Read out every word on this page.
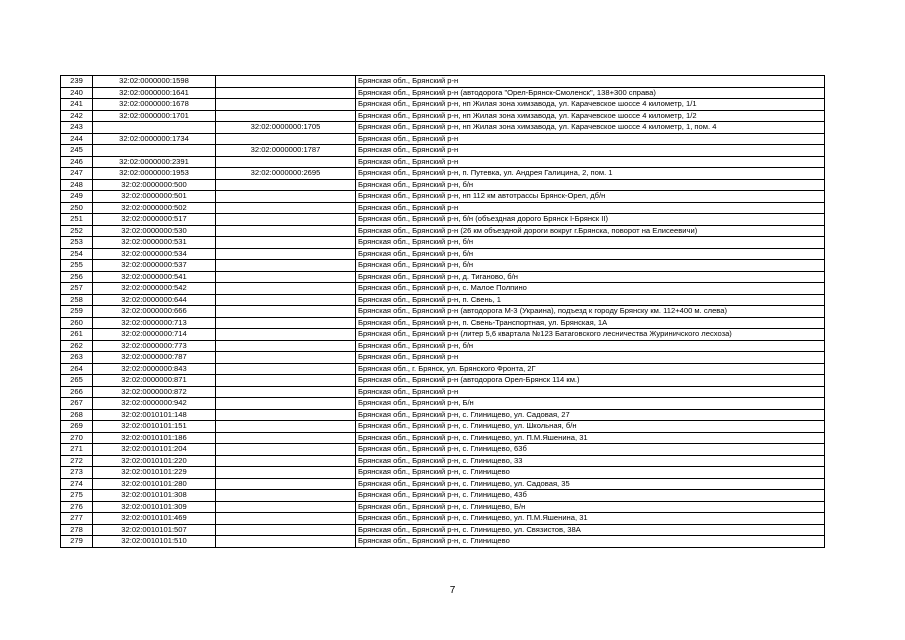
239	32:02:0000000:1598		Брянская обл., Брянский р-н
240	32:02:0000000:1641		Брянская обл., Брянский р-н (автодорога "Орел-Брянск-Смоленск", 138+300 справа)
241	32:02:0000000:1678		Брянская обл., Брянский р-н, нп Жилая зона химзавода, ул. Карачевское шоссе 4 километр, 1/1
242	32:02:0000000:1701		Брянская обл., Брянский р-н, нп Жилая зона химзавода, ул. Карачевское шоссе 4 километр, 1/2
243		32:02:0000000:1705	Брянская обл., Брянский р-н, нп Жилая зона химзавода, ул. Карачевское шоссе 4 километр, 1, пом. 4
244	32:02:0000000:1734		Брянская обл., Брянский р-н
245		32:02:0000000:1787	Брянская обл., Брянский р-н
246	32:02:0000000:2391		Брянская обл., Брянский р-н
247	32:02:0000000:1953	32:02:0000000:2695	Брянская обл., Брянский р-н, п. Путевка, ул. Андрея Галицина, 2, пом. 1
248	32:02:0000000:500		Брянская обл., Брянский р-н, б/н
249	32:02:0000000:501		Брянская обл., Брянский р-н, нп 112 км автотрассы Брянск-Орел, дб/н
250	32:02:0000000:502		Брянская обл., Брянский р-н
251	32:02:0000000:517		Брянская обл., Брянский р-н, б/н (объездная дорого Брянск I-Брянск II)
252	32:02:0000000:530		Брянская обл., Брянский р-н (26 км объездной дороги вокруг г.Брянска, поворот на Елисеевичи)
253	32:02:0000000:531		Брянская обл., Брянский р-н, б/н
254	32:02:0000000:534		Брянская обл., Брянский р-н, б/н
255	32:02:0000000:537		Брянская обл., Брянский р-н, б/н
256	32:02:0000000:541		Брянская обл., Брянский р-н, д. Тиганово, б/н
257	32:02:0000000:542		Брянская обл., Брянский р-н, с. Малое Полпино
258	32:02:0000000:644		Брянская обл., Брянский р-н, п. Свень, 1
259	32:02:0000000:666		Брянская обл., Брянский р-н (автодорога М-3 (Украина), подъезд к городу Брянску км. 112+400 м. слева)
260	32:02:0000000:713		Брянская обл., Брянский р-н, п. Свень-Транспортная, ул. Брянская, 1А
261	32:02:0000000:714		Брянская обл., Брянский р-н (литер 5,6 квартала №123 Батаговского лесничества Журиничского лесхоза)
262	32:02:0000000:773		Брянская обл., Брянский р-н, б/н
263	32:02:0000000:787		Брянская обл., Брянский р-н
264	32:02:0000000:843		Брянская обл., г. Брянск, ул. Брянского Фронта, 2Г
265	32:02:0000000:871		Брянская обл., Брянский р-н (автодорога Орел-Брянск 114 км.)
266	32:02:0000000:872		Брянская обл., Брянский р-н
267	32:02:0000000:942		Брянская обл., Брянский р-н, Б/н
268	32:02:0010101:148		Брянская обл., Брянский р-н, с. Глинищево, ул. Садовая, 27
269	32:02:0010101:151		Брянская обл., Брянский р-н, с. Глинищево, ул. Школьная, б/н
270	32:02:0010101:186		Брянская обл., Брянский р-н, с. Глинищево, ул. П.М.Яшенина, 31
271	32:02:0010101:204		Брянская обл., Брянский р-н, с. Глинищево, 63б
272	32:02:0010101:220		Брянская обл., Брянский р-н, с. Глинищево, 33
273	32:02:0010101:229		Брянская обл., Брянский р-н, с. Глинищево
274	32:02:0010101:280		Брянская обл., Брянский р-н, с. Глинищево, ул. Садовая, 35
275	32:02:0010101:308		Брянская обл., Брянский р-н, с. Глинищево, 43б
276	32:02:0010101:309		Брянская обл., Брянский р-н, с. Глинищево, Б/н
277	32:02:0010101:469		Брянская обл., Брянский р-н, с. Глинищево, ул. П.М.Яшенина, 31
278	32:02:0010101:507		Брянская обл., Брянский р-н, с. Глинищево, ул. Связистов, 38А
279	32:02:0010101:510		Брянская обл., Брянский р-н, с. Глинищево
7
